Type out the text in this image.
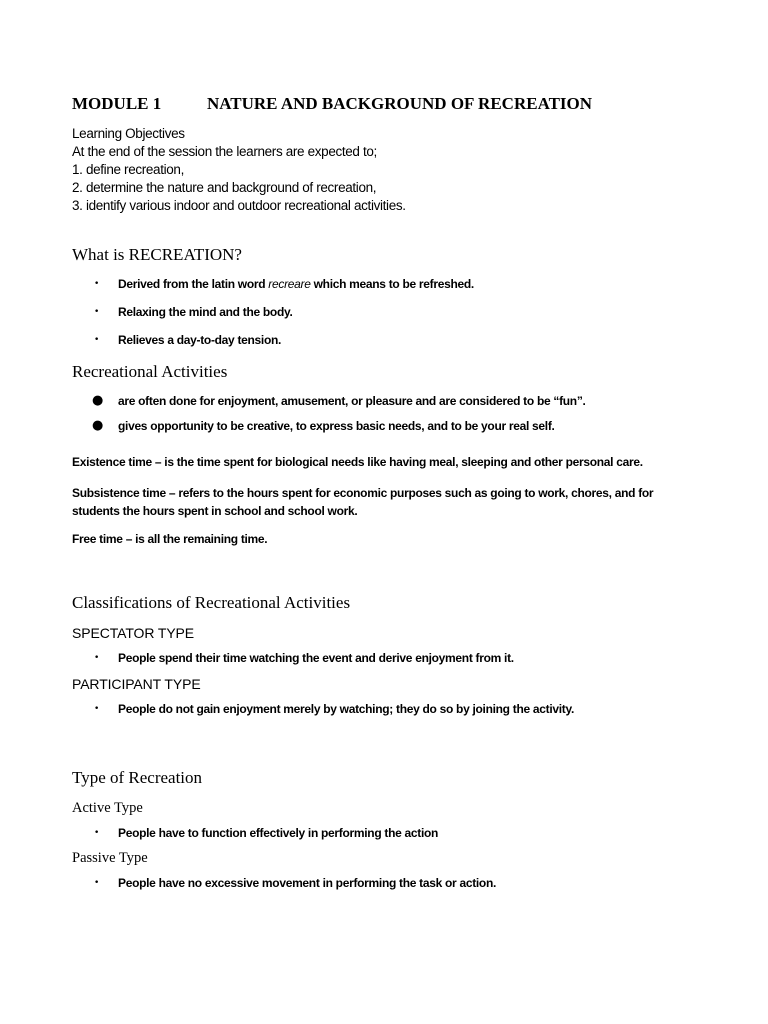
MODULE 1	NATURE AND BACKGROUND OF RECREATION
Learning Objectives
At the end of the session the learners are expected to;
1. define recreation,
2. determine the nature and background of recreation,
3. identify various indoor and outdoor recreational activities.
What is RECREATION?
• Derived from the latin word recreare which means to be refreshed.
• Relaxing the mind and the body.
• Relieves a day-to-day tension.
Recreational Activities
● are often done for enjoyment, amusement, or pleasure and are considered to be “fun”.
● gives opportunity to be creative, to express basic needs, and to be your real self.
Existence time – is the time spent for biological needs like having meal, sleeping and other personal care.
Subsistence time – refers to the hours spent for economic purposes such as going to work, chores, and for students the hours spent in school and school work.
Free time – is all the remaining time.
Classifications of Recreational Activities
SPECTATOR TYPE
• People spend their time watching the event and derive enjoyment from it.
PARTICIPANT TYPE
• People do not gain enjoyment merely by watching; they do so by joining the activity.
Type of Recreation
Active Type
• People have to function effectively in performing the action
Passive Type
• People have no excessive movement in performing the task or action.
